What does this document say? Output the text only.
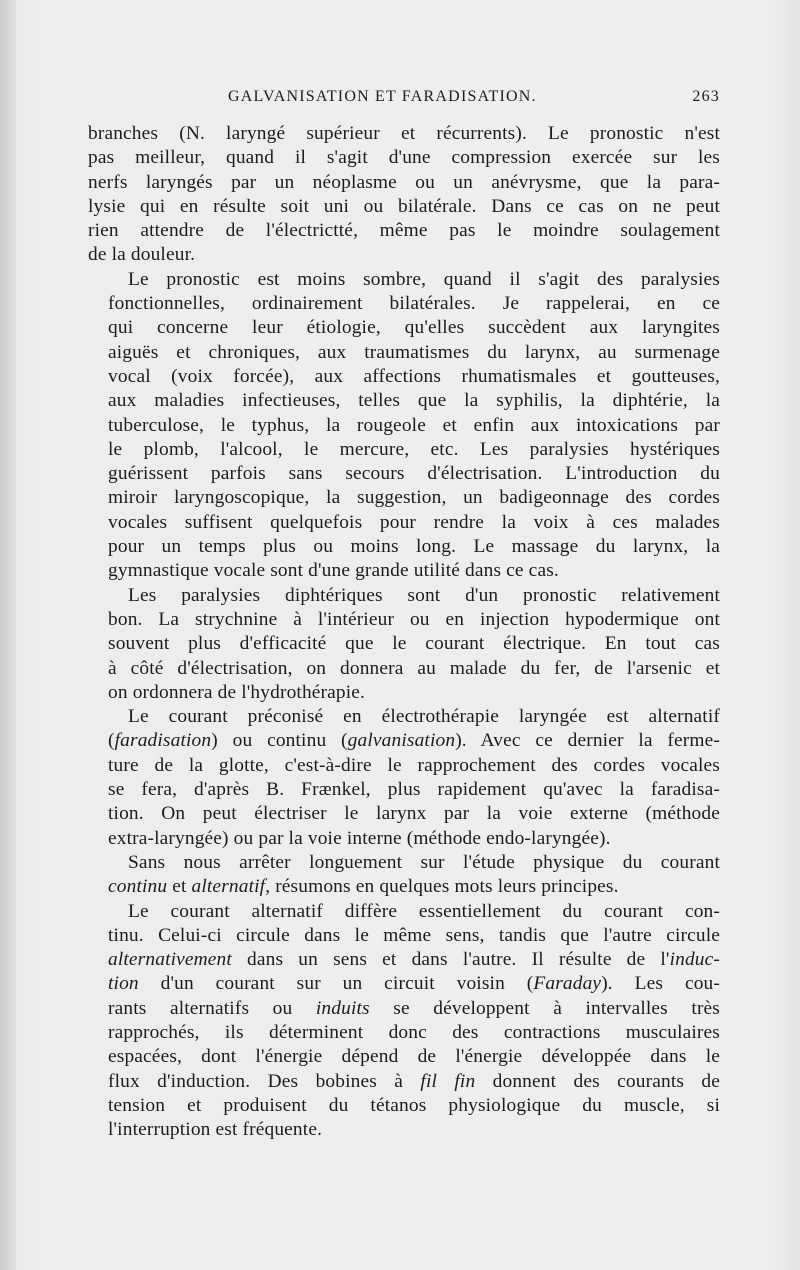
GALVANISATION ET FARADISATION.	263
branches (N. laryngé supérieur et récurrents). Le pronostic n'est
pas meilleur, quand il s'agit d'une compression exercée sur les
nerfs laryngés par un néoplasme ou un anévrysme, que la para-
lysie qui en résulte soit uni ou bilatérale. Dans ce cas on ne peut
rien attendre de l'électrictté, même pas le moindre soulagement
de la douleur.
Le pronostic est moins sombre, quand il s'agit des paralysies
fonctionnelles, ordinairement bilatérales. Je rappelerai, en ce
qui concerne leur étiologie, qu'elles succèdent aux laryngites
aiguës et chroniques, aux traumatismes du larynx, au surmenage
vocal (voix forcée), aux affections rhumatismales et goutteuses,
aux maladies infectieuses, telles que la syphilis, la diphtérie, la
tuberculose, le typhus, la rougeole et enfin aux intoxications par
le plomb, l'alcool, le mercure, etc. Les paralysies hystériques
guérissent parfois sans secours d'électrisation. L'introduction du
miroir laryngoscopique, la suggestion, un badigeonnage des cordes
vocales suffisent quelquefois pour rendre la voix à ces malades
pour un temps plus ou moins long. Le massage du larynx, la
gymnastique vocale sont d'une grande utilité dans ce cas.
Les paralysies diphtériques sont d'un pronostic relativement
bon. La strychnine à l'intérieur ou en injection hypodermique ont
souvent plus d'efficacité que le courant électrique. En tout cas
à côté d'électrisation, on donnera au malade du fer, de l'arsenic et
on ordonnera de l'hydrothérapie.
Le courant préconisé en électrothérapie laryngée est alternatif
(faradisation) ou continu (galvanisation). Avec ce dernier la ferme-
ture de la glotte, c'est-à-dire le rapprochement des cordes vocales
se fera, d'après B. Frænkel, plus rapidement qu'avec la faradisa-
tion. On peut électriser le larynx par la voie externe (méthode
extra-laryngée) ou par la voie interne (méthode endo-laryngée).
Sans nous arrêter longuement sur l'étude physique du courant
continu et alternatif, résumons en quelques mots leurs principes.
Le courant alternatif diffère essentiellement du courant con-
tinu. Celui-ci circule dans le même sens, tandis que l'autre circule
alternativement dans un sens et dans l'autre. Il résulte de l'induc-
tion d'un courant sur un circuit voisin (Faraday). Les cou-
rants alternatifs ou induits se développent à intervalles très
rapprochés, ils déterminent donc des contractions musculaires
espacées, dont l'énergie dépend de l'énergie développée dans le
flux d'induction. Des bobines à fil fin donnent des courants de
tension et produisent du tétanos physiologique du muscle, si
l'interruption est fréquente.
